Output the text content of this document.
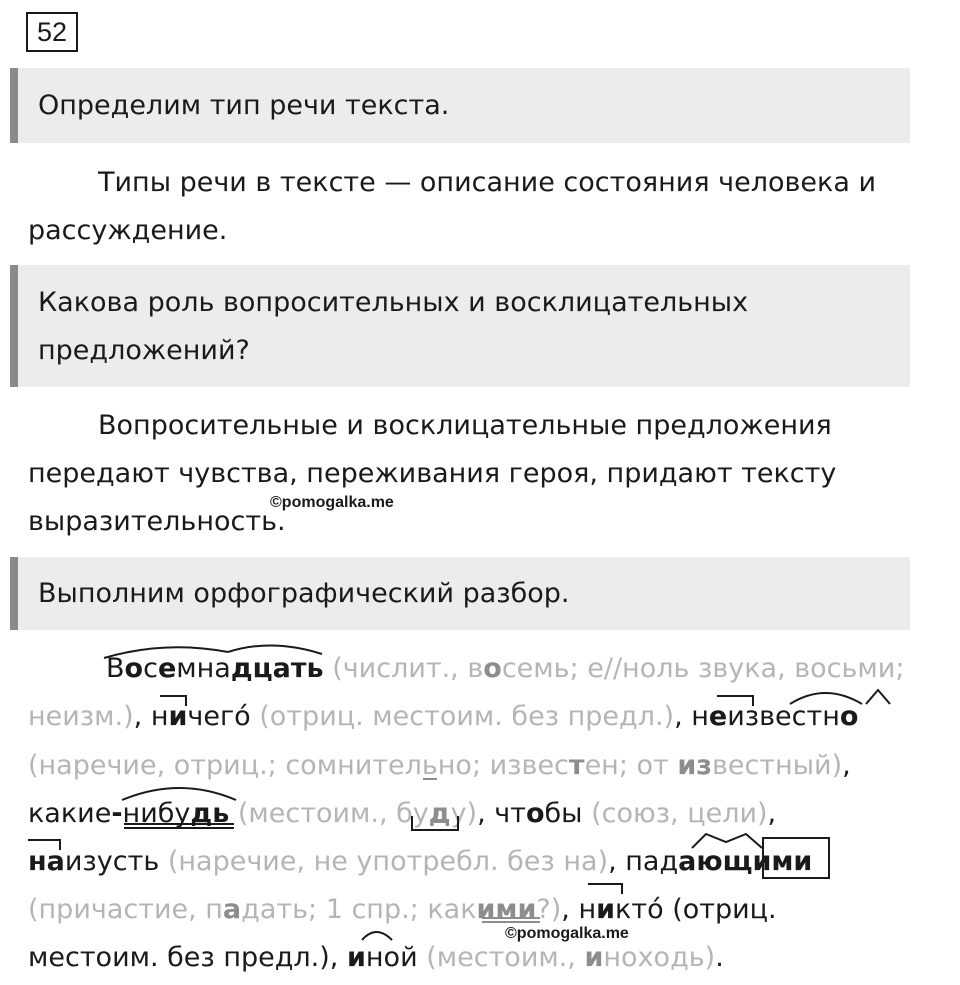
52
Определим тип речи текста.

Типы речи в тексте — описание состояния человека и рассуждение.

Какова роль вопросительных и восклицательных
предложений?

Вопросительные и восклицательные предложения передают чувства, переживания героя, придают тексту выразительность.

©pomogalka.me
Выполним орфографический разбор.
Восемнадцать (числит., восемь; е//ноль звука, восьми;
неизм.), ничегó (отриц. местоим. без предл.), неизвестно
(наречие, отриц.; сомнительно; известен; от известный),
какие-нибудь (местоим., буду), чтобы (союз, цели),
наизусть (наречие, не употребл. без на), падающими
(причастие, падать; 1 спр.; какими?), никтó (отриц.
местоим. без предл.), иной (местоим., иноходь).
©pomogalka.me
